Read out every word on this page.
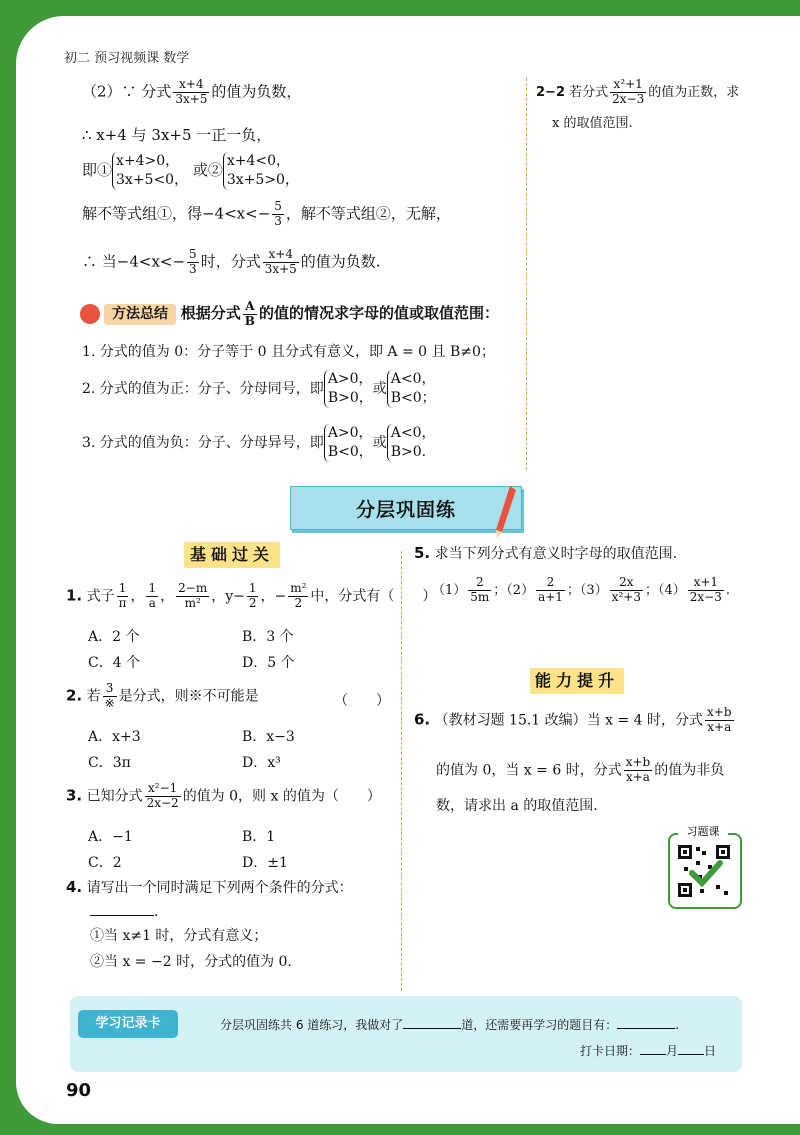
初二 预习视频课 数学
（2）∵ 分式 $\frac{x+4}{3x+5}$ 的值为负数，
∴ x+4 与 3x+5 一正一负，
即① x+4>0，
3x+5<0，
或② x+4<0，
3x+5>0，
解不等式组①，得$-4<x<- \frac{5}{3}$ ，解不等式组②，无解，
∴ 当$-4<x<- \frac{5}{3}$ 时，分式 $\frac{x+4}{3x+5}$ 的值为负数.
方法总结 根据分式 $\frac{A}{B}$ 的值的情况求字母的值或取值范围：
1. 分式的值为 0：分子等于 0 且分式有意义，即 A = 0 且 B≠0；
2. 分式的值为正：分子、分母同号，即
A>0，
B>0，
或
A<0，
B<0；
3. 分式的值为负：分子、分母异号，即
A>0，
B<0，
或
A<0，
B>0.
2−2 若分式 $\frac{\text{x²+1}}{2x-3}$ 的值为正数，求
x 的取值范围.
分层巩固练
基础过关
1. 式子 $\frac{1}{\pi}$ ， $\frac{1}{a}$ ， $\frac{2-m}{\text{m²}}$ ，$y- \frac{1}{2}$ ，− $\frac{\text{m²}}{2}$ 中，分式有（　　）
A．2 个	B．3 个
C．4 个	D．5 个
2. 若 $\frac{3}{※}$ 是分式，则※不可能是	（　　）
A．x+3	B．x−3
C．3π	D．x³
3. 已知分式 $\frac{\text{x²−1}}{2x-2}$ 的值为 0，则 x 的值为（　　）
A．−1	B．1
C．2	D．±1
4. 请写出一个同时满足下列两个条件的分式：
.
①当 x≠1 时，分式有意义；
②当 x = −2 时，分式的值为 0.
5. 求当下列分式有意义时字母的取值范围.
$(1) \frac{2}{5m}$ ；$(2) \frac{2}{a+1}$ ；$(3) \frac{2x}{\text{x²+3}}$ ；$(4) \frac{x+1}{2x-3}$ .
能力提升
6. （教材习题 15.1 改编）当 x = 4 时，分式 $\frac{x+b}{x+a}$
的值为 0，当 x = 6 时，分式 $\frac{x+b}{x+a}$ 的值为非负
数，请求出 a 的取值范围.
习题课
学习记录卡	分层巩固练共 6 道练习，我做对了	道，还需要再学习的题目有：	.
打卡日期： 月 日
90
